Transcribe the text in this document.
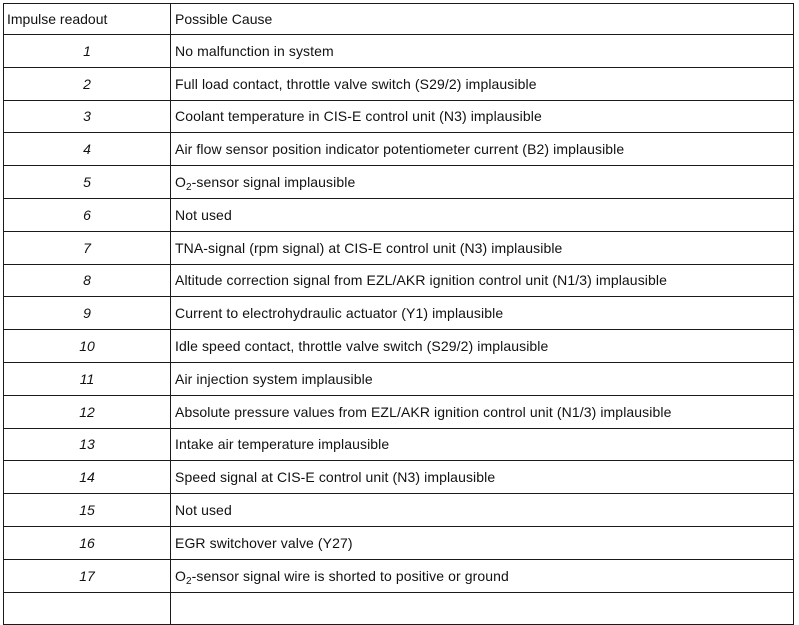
Impulse readout	Possible Cause
1	No malfunction in system
2	Full load contact, throttle valve switch (S29/2) implausible
3	Coolant temperature in CIS-E control unit (N3) implausible
4	Air flow sensor position indicator potentiometer current (B2) implausible
5	$O_2$-sensor signal implausible
6	Not used
7	TNA-signal (rpm signal) at CIS-E control unit (N3) implausible
8	Altitude correction signal from EZL/AKR ignition control unit (N1/3) implausible
9	Current to electrohydraulic actuator (Y1) implausible
10	Idle speed contact, throttle valve switch (S29/2) implausible
11	Air injection system implausible
12	Absolute pressure values from EZL/AKR ignition control unit (N1/3) implausible
13	Intake air temperature implausible
14	Speed signal at CIS-E control unit (N3) implausible
15	Not used
16	EGR switchover valve (Y27)
17	$O_2$-sensor signal wire is shorted to positive or ground
